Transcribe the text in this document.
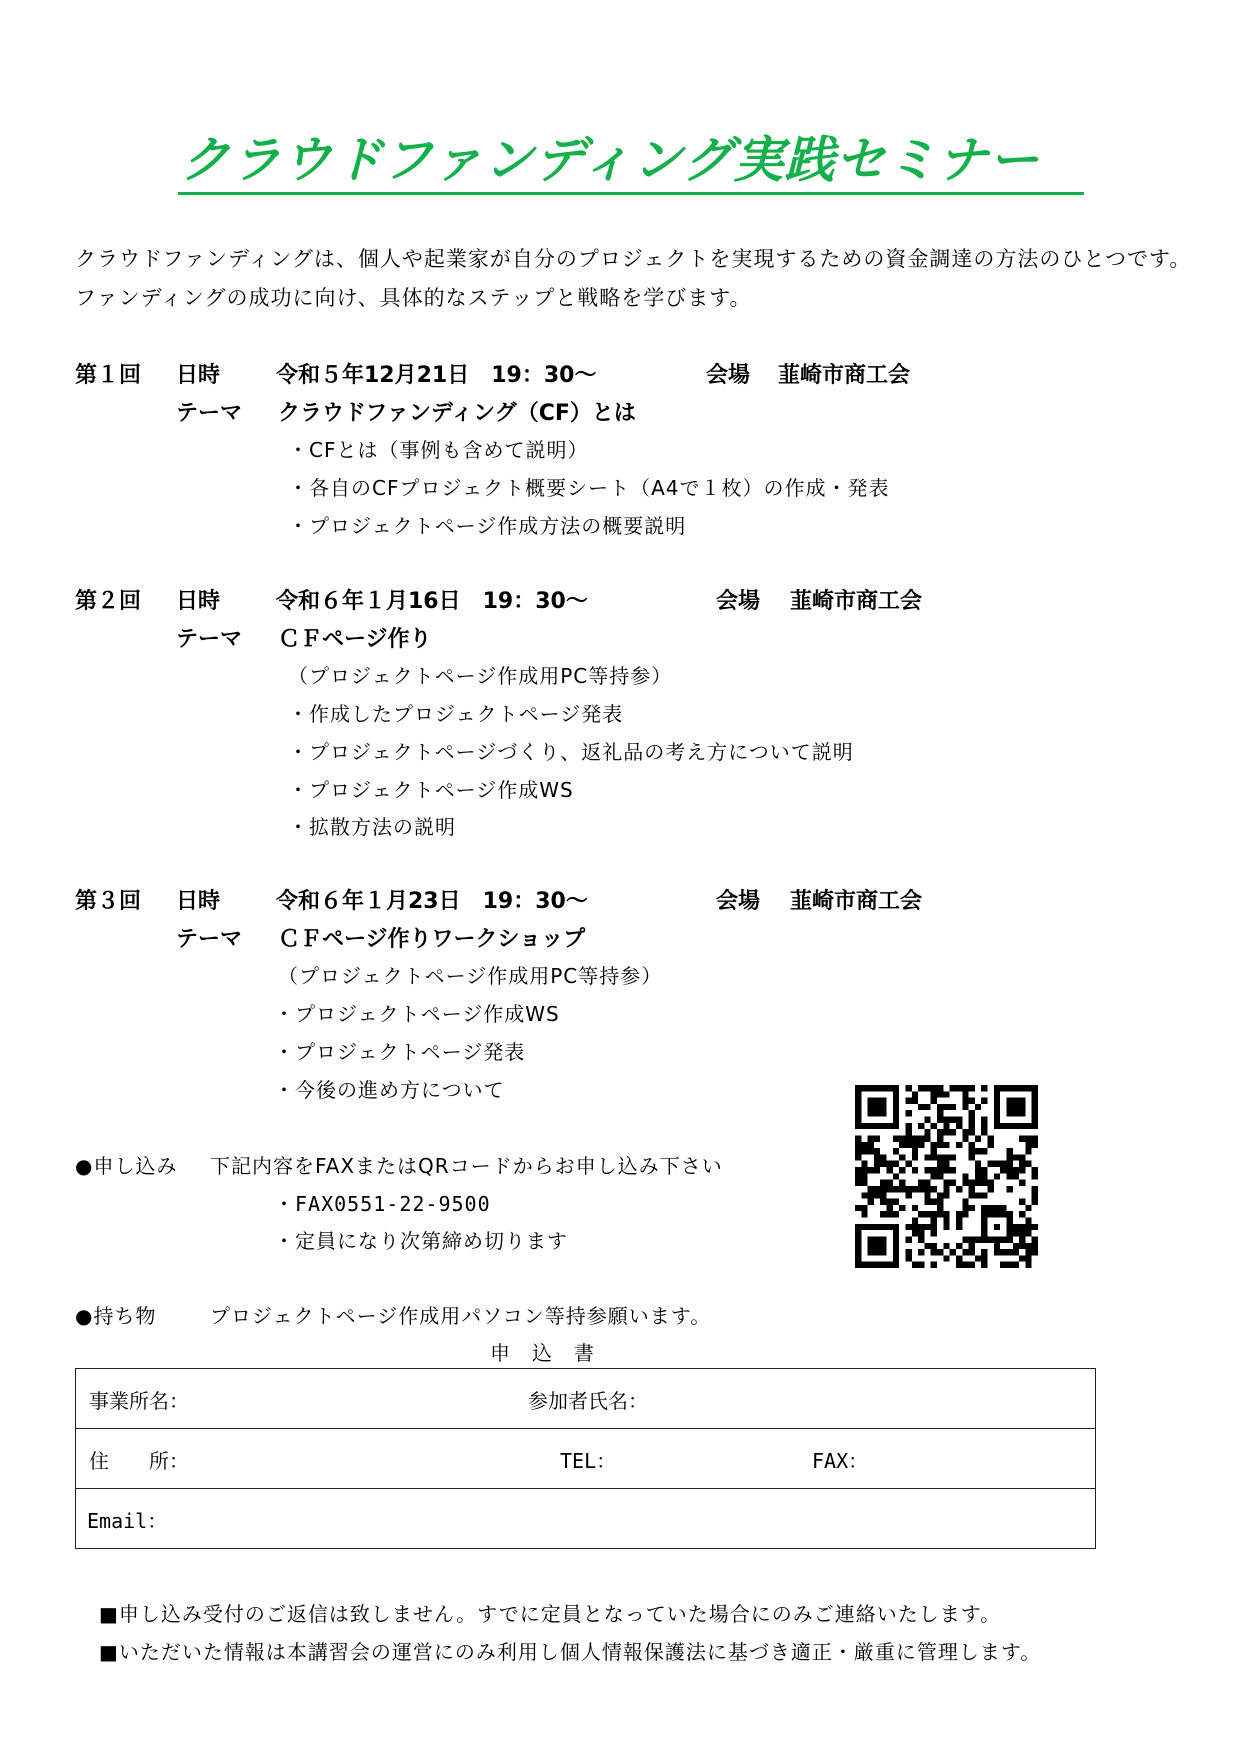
クラウドファンディング実践セミナー
クラウドファンディングは、個人や起業家が自分のプロジェクトを実現するための資金調達の方法のひとつです。
ファンディングの成功に向け、具体的なステップと戦略を学びます。
第１回 日時	令和５年12月21日　19：30～	会場 韮崎市商工会
テーマ クラウドファンディング（CF）とは
・CFとは（事例も含めて説明）
・各自のCFプロジェクト概要シート（A4で１枚）の作成・発表
・プロジェクトページ作成方法の概要説明
第２回 日時	令和６年１月16日　19：30～	会場 韮崎市商工会
テーマ ＣＦページ作り
（プロジェクトページ作成用PC等持参）
・作成したプロジェクトページ発表
・プロジェクトページづくり、返礼品の考え方について説明
・プロジェクトページ作成WS
・拡散方法の説明
第３回 日時	令和６年１月23日　19：30～	会場 韮崎市商工会
テーマ ＣＦページ作りワークショップ
（プロジェクトページ作成用PC等持参）
・プロジェクトページ作成WS
・プロジェクトページ発表
・今後の進め方について
●申し込み 下記内容をFAXまたはQRコードからお申し込み下さい
・FAX0551-22-9500
・定員になり次第締め切ります
●持ち物	プロジェクトページ作成用パソコン等持参願います。
申　込　書
事業所名：	参加者氏名：

住　　所：	TEL：	FAX：

Email：
■申し込み受付のご返信は致しません。すでに定員となっていた場合にのみご連絡いたします。
■いただいた情報は本講習会の運営にのみ利用し個人情報保護法に基づき適正・厳重に管理します。
